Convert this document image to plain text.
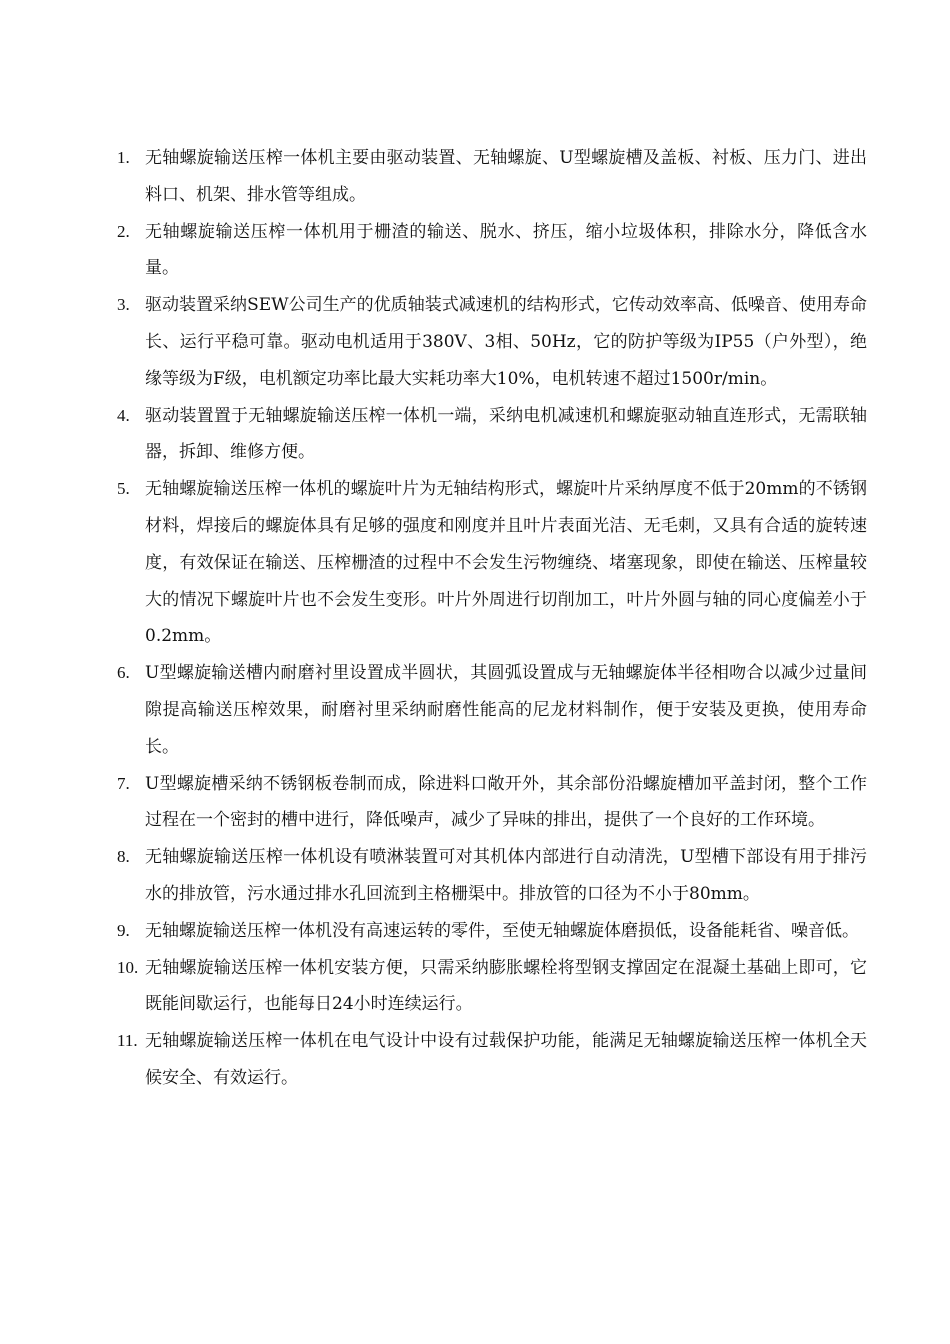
1. 无轴螺旋输送压榨一体机主要由驱动装置、无轴螺旋、U型螺旋槽及盖板、衬板、压力门、进出料口、机架、排水管等组成。
2. 无轴螺旋输送压榨一体机用于栅渣的输送、脱水、挤压，缩小垃圾体积，排除水分，降低含水量。
3. 驱动装置采纳SEW公司生产的优质轴装式减速机的结构形式，它传动效率高、低噪音、使用寿命长、运行平稳可靠。驱动电机适用于380V、3相、50Hz，它的防护等级为IP55（户外型），绝缘等级为F级，电机额定功率比最大实耗功率大10%，电机转速不超过1500r/min。
4. 驱动装置置于无轴螺旋输送压榨一体机一端，采纳电机减速机和螺旋驱动轴直连形式，无需联轴器，拆卸、维修方便。
5. 无轴螺旋输送压榨一体机的螺旋叶片为无轴结构形式，螺旋叶片采纳厚度不低于20mm的不锈钢材料，焊接后的螺旋体具有足够的强度和刚度并且叶片表面光洁、无毛刺，又具有合适的旋转速度，有效保证在输送、压榨栅渣的过程中不会发生污物缠绕、堵塞现象，即使在输送、压榨量较大的情况下螺旋叶片也不会发生变形。叶片外周进行切削加工，叶片外圆与轴的同心度偏差小于0.2mm。
6. U型螺旋输送槽内耐磨衬里设置成半圆状，其圆弧设置成与无轴螺旋体半径相吻合以减少过量间隙提高输送压榨效果，耐磨衬里采纳耐磨性能高的尼龙材料制作，便于安装及更换，使用寿命长。
7. U型螺旋槽采纳不锈钢板卷制而成，除进料口敞开外，其余部份沿螺旋槽加平盖封闭，整个工作过程在一个密封的槽中进行，降低噪声，减少了异味的排出，提供了一个良好的工作环境。
8. 无轴螺旋输送压榨一体机设有喷淋装置可对其机体内部进行自动清洗，U型槽下部设有用于排污水的排放管，污水通过排水孔回流到主格栅渠中。排放管的口径为不小于80mm。
9. 无轴螺旋输送压榨一体机没有高速运转的零件，至使无轴螺旋体磨损低，设备能耗省、噪音低。
10. 无轴螺旋输送压榨一体机安装方便，只需采纳膨胀螺栓将型钢支撑固定在混凝土基础上即可，它既能间歇运行，也能每日24小时连续运行。
11. 无轴螺旋输送压榨一体机在电气设计中设有过载保护功能，能满足无轴螺旋输送压榨一体机全天候安全、有效运行。
